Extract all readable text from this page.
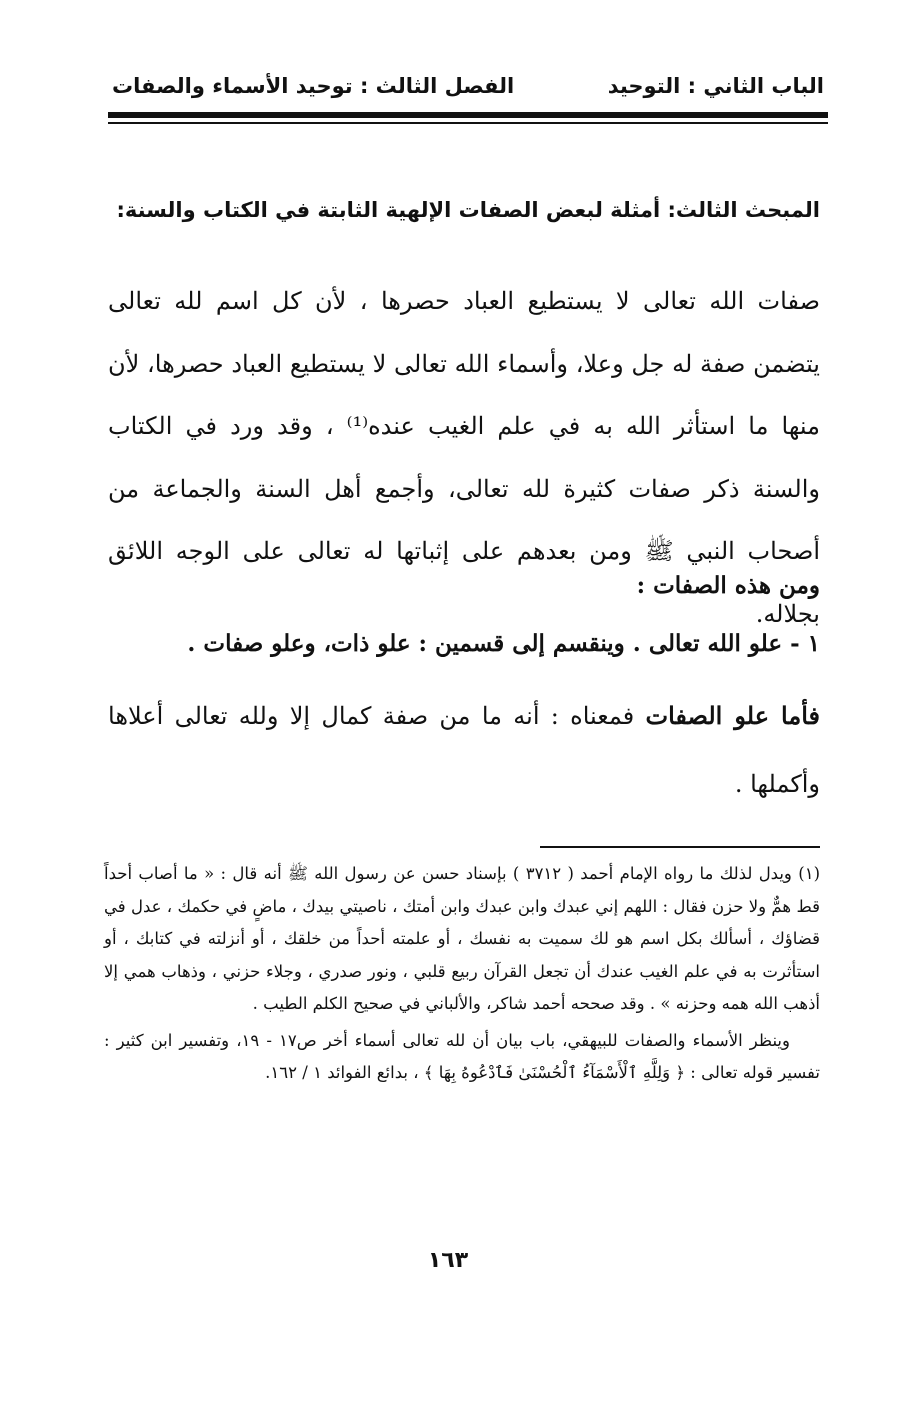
الباب الثاني : التوحيد
الفصل الثالث : توحيد الأسماء والصفات
المبحث الثالث: أمثلة لبعض الصفات الإلهية الثابتة في الكتاب والسنة:

صفات الله تعالى لا يستطيع العباد حصرها ، لأن كل اسم لله تعالى يتضمن صفة له جل وعلا، وأسماء الله تعالى لا يستطيع العباد حصرها، لأن منها ما استأثر الله به في علم الغيب عنده⁽¹⁾ ، وقد ورد في الكتاب والسنة ذكر صفات كثيرة لله تعالى، وأجمع أهل السنة والجماعة من أصحاب النبي ﷺ ومن بعدهم على إثباتها له تعالى على الوجه اللائق بجلاله.

ومن هذه الصفات :
١ - علو الله تعالى . وينقسم إلى قسمين : علو ذات، وعلو صفات .

فأما علو الصفات فمعناه : أنه ما من صفة كمال إلا ولله تعالى أعلاها وأكملها .

(١) ويدل لذلك ما رواه الإمام أحمد ( ٣٧١٢ ) بإسناد حسن عن رسول الله ﷺ أنه قال : « ما أصاب أحداً قط همٌّ ولا حزن فقال : اللهم إني عبدك وابن عبدك وابن أمتك ، ناصيتي بيدك ، ماضٍ في حكمك ، عدل في قضاؤك ، أسألك بكل اسم هو لك سميت به نفسك ، أو علمته أحداً من خلقك ، أو أنزلته في كتابك ، أو استأثرت به في علم الغيب عندك أن تجعل القرآن ربيع قلبي ، ونور صدري ، وجلاء حزني ، وذهاب همي إلا أذهب الله همه وحزنه » . وقد صححه أحمد شاكر، والألباني في صحيح الكلم الطيب .

وينظر الأسماء والصفات للبيهقي، باب بيان أن لله تعالى أسماء أخر ص١٧ - ١٩، وتفسير ابن كثير : تفسير قوله تعالى : ﴿ وَلِلَّهِ ٱلْأَسْمَآءُ ٱلْحُسْنَىٰ فَٱدْعُوهُ بِهَا ﴾ ، بدائع الفوائد ١ / ١٦٢.

١٦٣
